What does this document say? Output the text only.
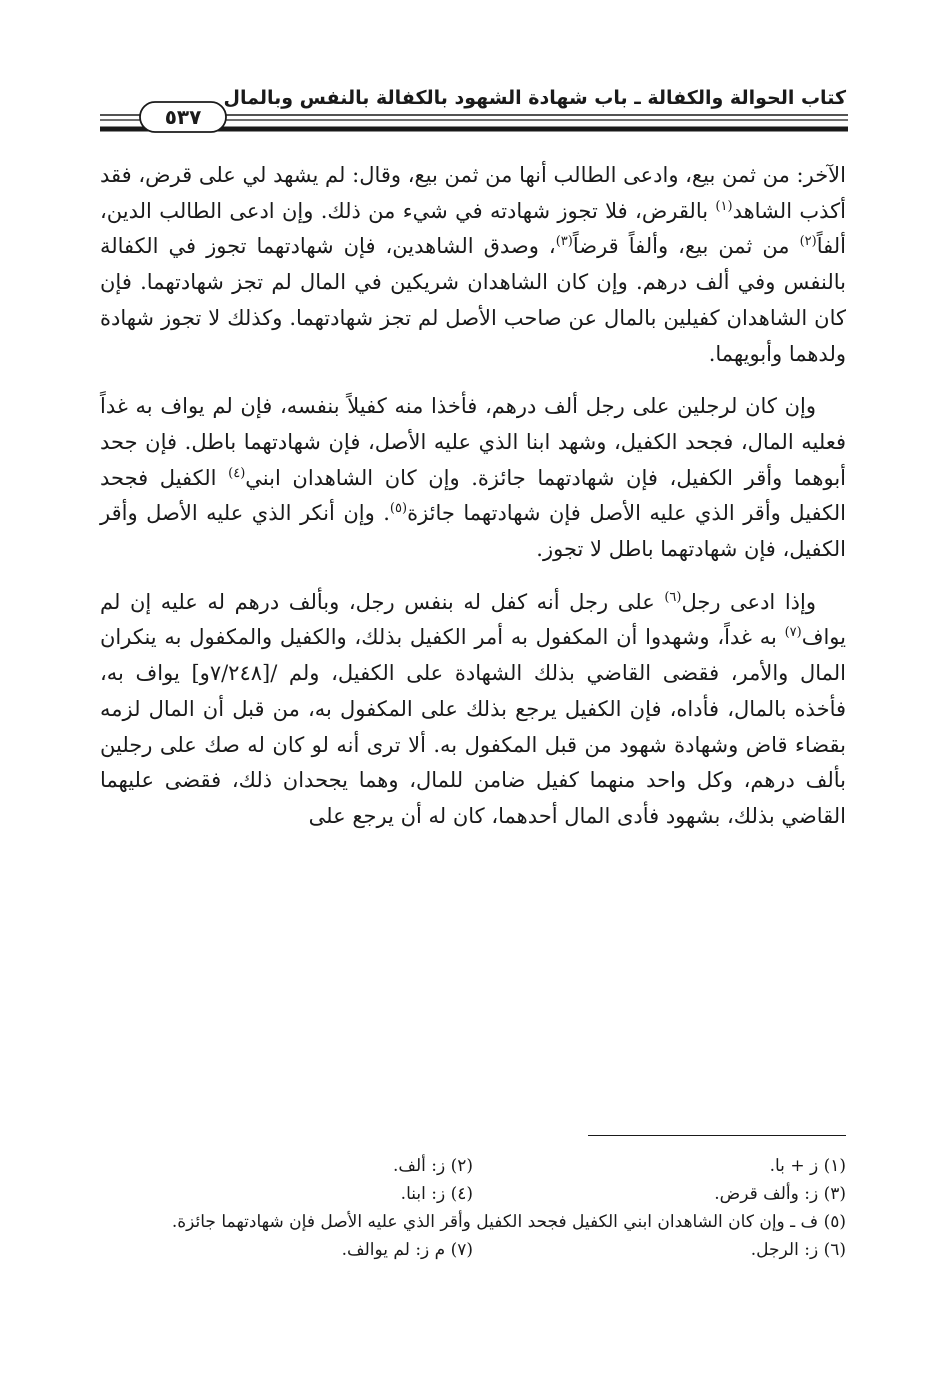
كتاب الحوالة والكفالة ـ باب شهادة الشهود بالكفالة بالنفس وبالمال
٥٣٧

الآخر: من ثمن بيع، وادعى الطالب أنها من ثمن بيع، وقال: لم يشهد لي على قرض، فقد أكذب الشاهد$^{(١)}$ بالقرض، فلا تجوز شهادته في شيء من ذلك. وإن ادعى الطالب الدين، ألفاً$^{(٢)}$ من ثمن بيع، وألفاً قرضاً$^{(٣)}$، وصدق الشاهدين، فإن شهادتهما تجوز في الكفالة بالنفس وفي ألف درهم. وإن كان الشاهدان شريكين في المال لم تجز شهادتهما. فإن كان الشاهدان كفيلين بالمال عن صاحب الأصل لم تجز شهادتهما. وكذلك لا تجوز شهادة ولدهما وأبويهما.

وإن كان لرجلين على رجل ألف درهم، فأخذا منه كفيلاً بنفسه، فإن لم يواف به غداً فعليه المال، فجحد الكفيل، وشهد ابنا الذي عليه الأصل، فإن شهادتهما باطل. فإن جحد أبوهما وأقر الكفيل، فإن شهادتهما جائزة. وإن كان الشاهدان ابني$^{(٤)}$ الكفيل فجحد الكفيل وأقر الذي عليه الأصل فإن شهادتهما جائزة$^{(٥)}$. وإن أنكر الذي عليه الأصل وأقر الكفيل، فإن شهادتهما باطل لا تجوز.

وإذا ادعى رجل$^{(٦)}$ على رجل أنه كفل له بنفس رجل، وبألف درهم له عليه إن لم يواف$^{(٧)}$ به غداً، وشهدوا أن المكفول به أمر الكفيل بذلك، والكفيل والمكفول به ينكران المال والأمر، فقضى القاضي بذلك الشهادة على الكفيل، ولم /[٧/٢٤٨و] يواف به، فأخذه بالمال، فأداه، فإن الكفيل يرجع بذلك على المكفول به، من قبل أن المال لزمه بقضاء قاض وشهادة شهود من قبل المكفول به. ألا ترى أنه لو كان له صك على رجلين بألف درهم، وكل واحد منهما كفيل ضامن للمال، وهما يجحدان ذلك، فقضى عليهما القاضي بذلك، بشهود فأدى المال أحدهما، كان له أن يرجع على

(١) ز + با.
(٢) ز: ألف.
(٣) ز: وألف قرض.
(٤) ز: ابنا.
(٥) ف ـ وإن كان الشاهدان ابني الكفيل فجحد الكفيل وأقر الذي عليه الأصل فإن شهادتهما جائزة.
(٦) ز: الرجل.
(٧) م ز: لم يوالف.
